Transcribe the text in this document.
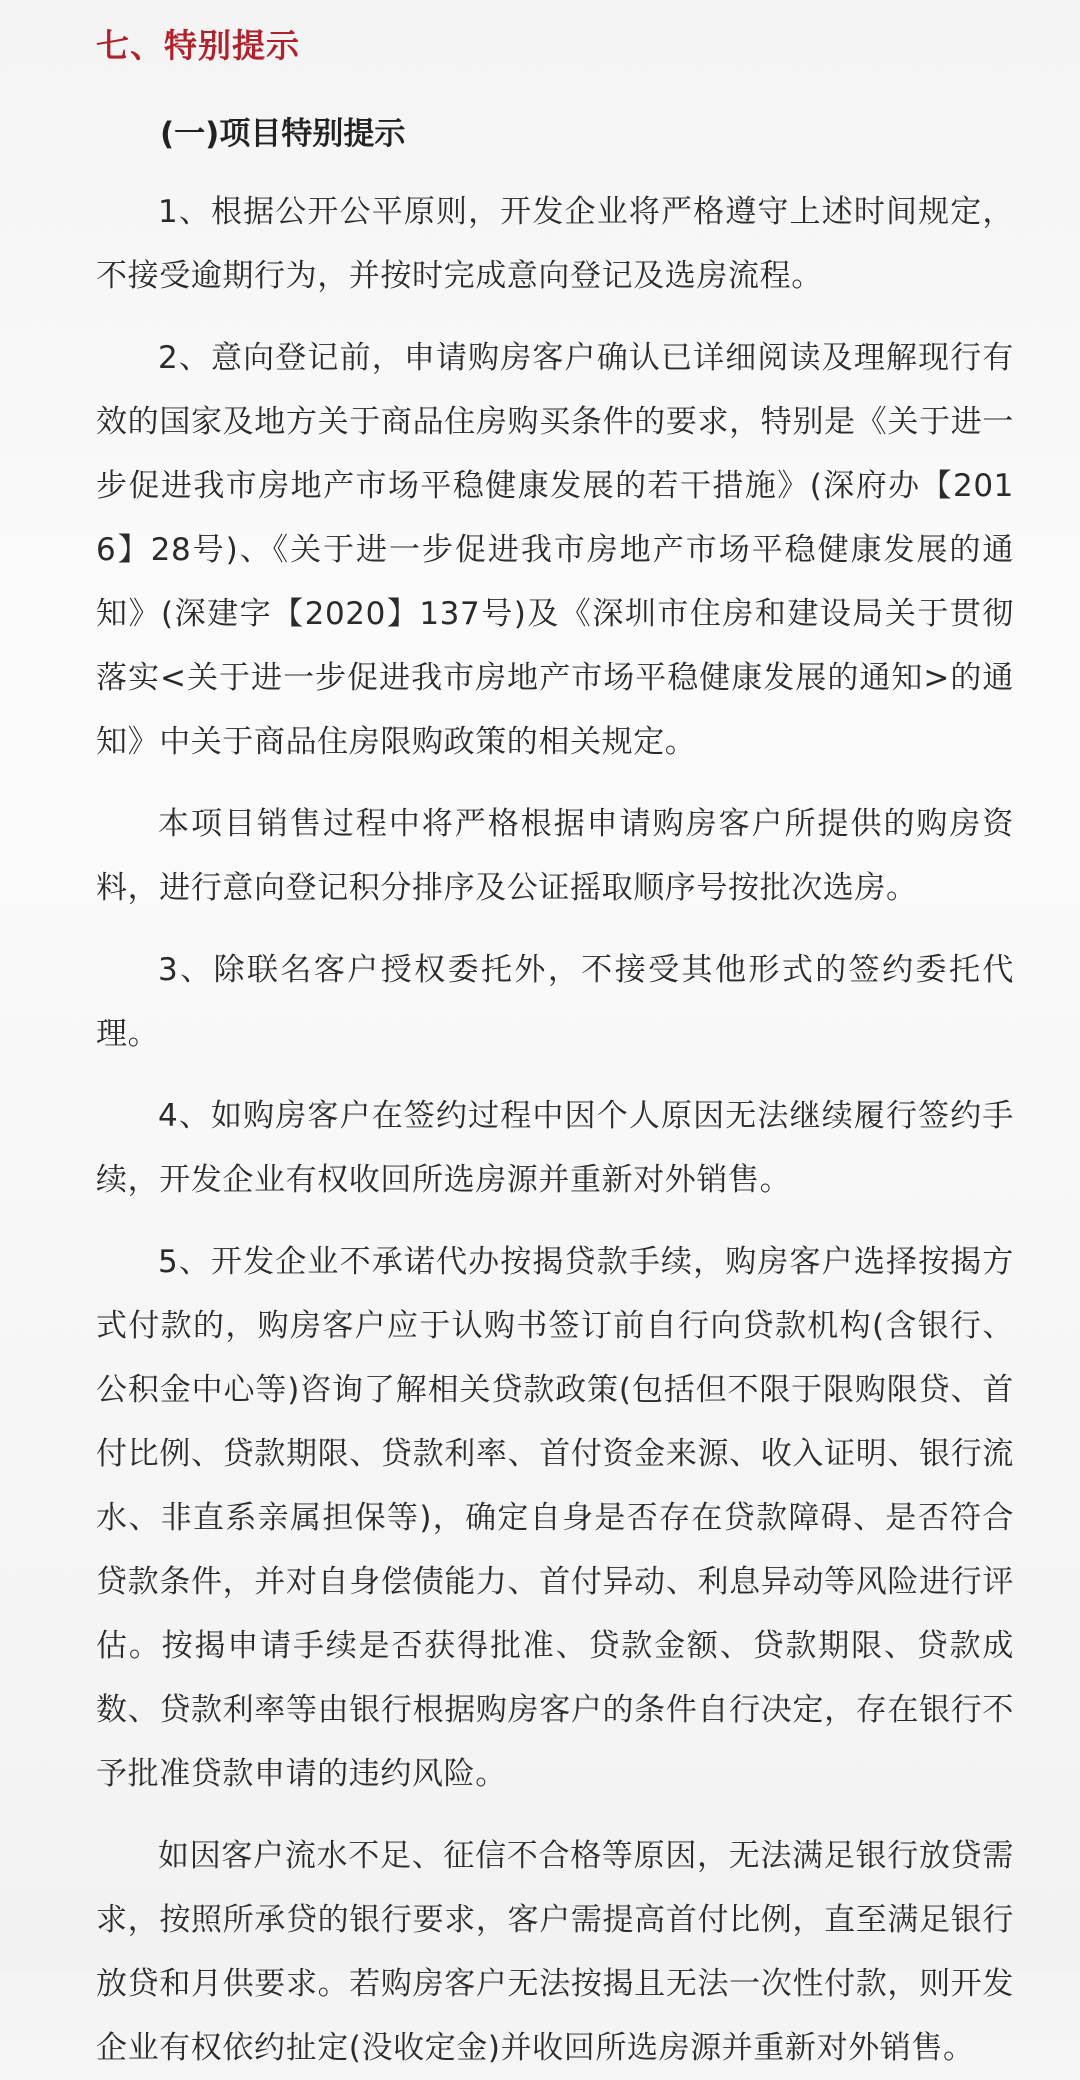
七、特别提示
(一)项目特别提示

1、根据公开公平原则，开发企业将严格遵守上述时间规定，不接受逾期行为，并按时完成意向登记及选房流程。

2、意向登记前，申请购房客户确认已详细阅读及理解现行有效的国家及地方关于商品住房购买条件的要求，特别是《关于进一步促进我市房地产市场平稳健康发展的若干措施》(深府办【2016】28号)、《关于进一步促进我市房地产市场平稳健康发展的通知》(深建字【2020】137号)及《深圳市住房和建设局关于贯彻落实<关于进一步促进我市房地产市场平稳健康发展的通知>的通知》中关于商品住房限购政策的相关规定。

本项目销售过程中将严格根据申请购房客户所提供的购房资料，进行意向登记积分排序及公证摇取顺序号按批次选房。

3、除联名客户授权委托外，不接受其他形式的签约委托代理。

4、如购房客户在签约过程中因个人原因无法继续履行签约手续，开发企业有权收回所选房源并重新对外销售。

5、开发企业不承诺代办按揭贷款手续，购房客户选择按揭方式付款的，购房客户应于认购书签订前自行向贷款机构(含银行、公积金中心等)咨询了解相关贷款政策(包括但不限于限购限贷、首付比例、贷款期限、贷款利率、首付资金来源、收入证明、银行流水、非直系亲属担保等)，确定自身是否存在贷款障碍、是否符合贷款条件，并对自身偿债能力、首付异动、利息异动等风险进行评估。按揭申请手续是否获得批准、贷款金额、贷款期限、贷款成数、贷款利率等由银行根据购房客户的条件自行决定，存在银行不予批准贷款申请的违约风险。

如因客户流水不足、征信不合格等原因，无法满足银行放贷需求，按照所承贷的银行要求，客户需提高首付比例，直至满足银行放贷和月供要求。若购房客户无法按揭且无法一次性付款，则开发企业有权依约扯定(没收定金)并收回所选房源并重新对外销售。
